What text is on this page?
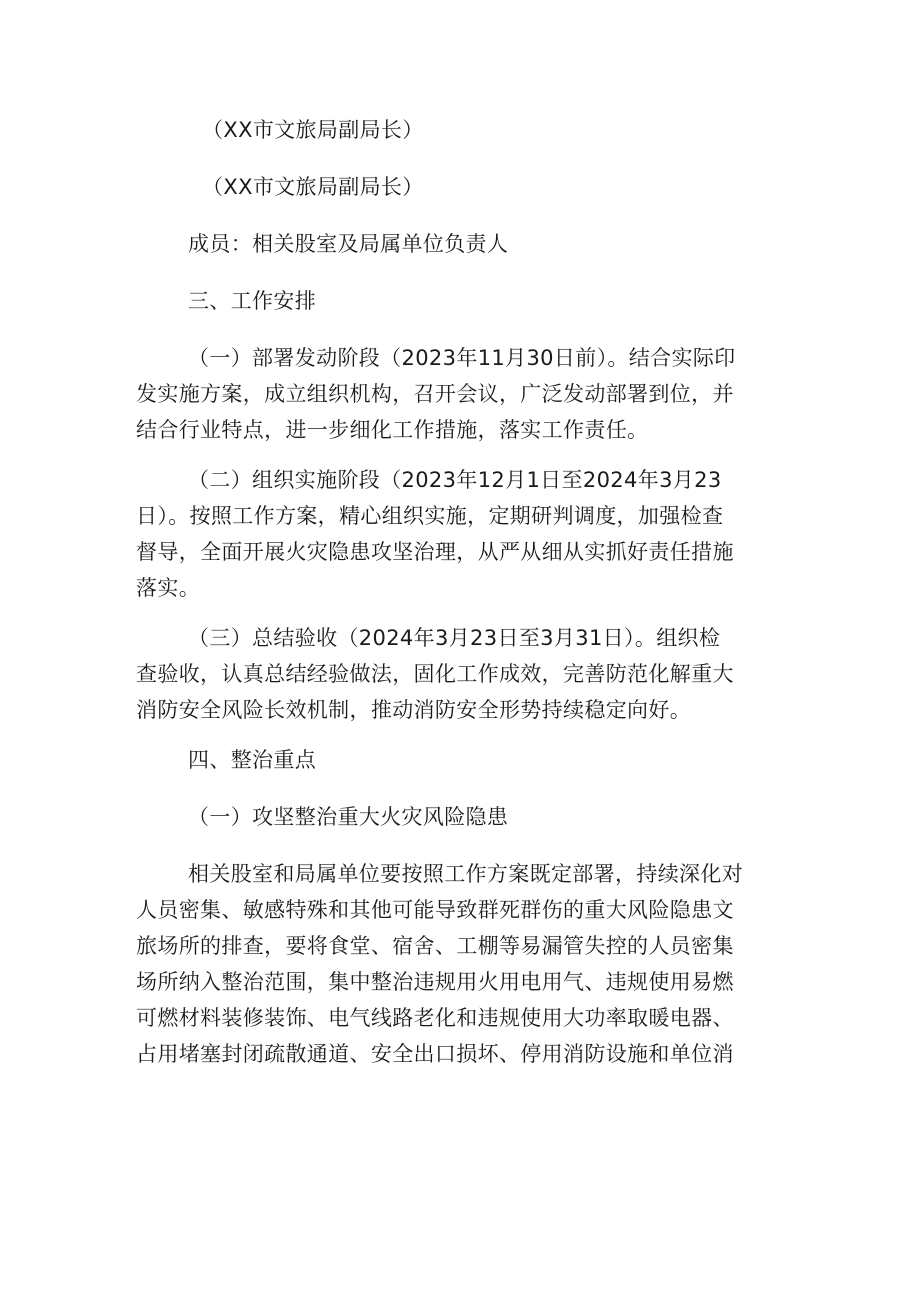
（XX市文旅局副局长）
（XX市文旅局副局长）
成员：相关股室及局属单位负责人
三、工作安排
（一）部署发动阶段（2023年11月30日前）。结合实际印
发实施方案，成立组织机构，召开会议，广泛发动部署到位，并
结合行业特点，进一步细化工作措施，落实工作责任。
（二）组织实施阶段（2023年12月1日至2024年3月23
日）。按照工作方案，精心组织实施，定期研判调度，加强检查
督导，全面开展火灾隐患攻坚治理，从严从细从实抓好责任措施
落实。
（三）总结验收（2024年3月23日至3月31日）。组织检
查验收，认真总结经验做法，固化工作成效，完善防范化解重大
消防安全风险长效机制，推动消防安全形势持续稳定向好。
四、整治重点
（一）攻坚整治重大火灾风险隐患
相关股室和局属单位要按照工作方案既定部署，持续深化对
人员密集、敏感特殊和其他可能导致群死群伤的重大风险隐患文
旅场所的排查，要将食堂、宿舍、工棚等易漏管失控的人员密集
场所纳入整治范围，集中整治违规用火用电用气、违规使用易燃
可燃材料装修装饰、电气线路老化和违规使用大功率取暖电器、
占用堵塞封闭疏散通道、安全出口损坏、停用消防设施和单位消
